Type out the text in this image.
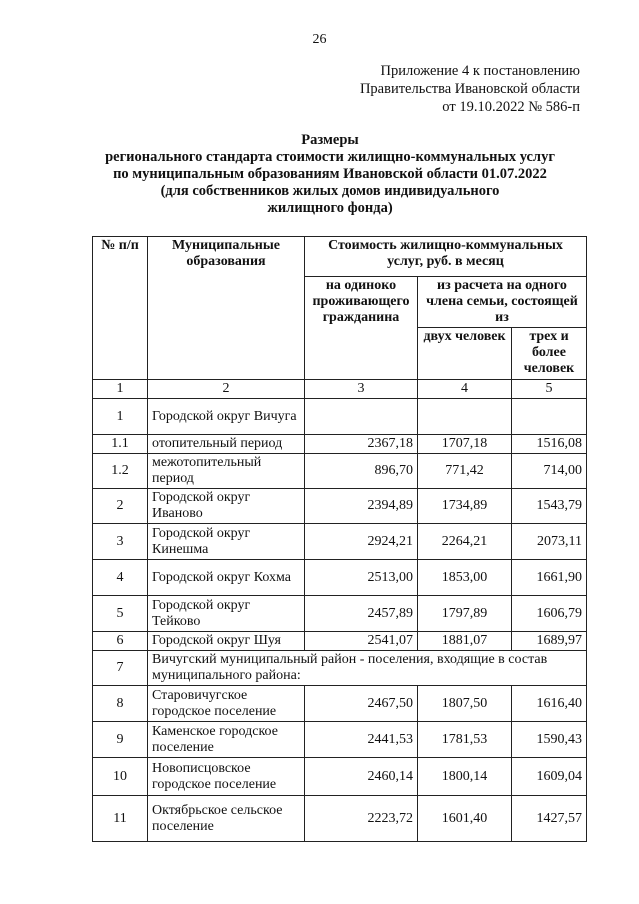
26
Приложение 4 к постановлению
Правительства Ивановской области
от 19.10.2022 № 586-п
Размеры
регионального стандарта стоимости жилищно-коммунальных услуг
по муниципальным образованиям Ивановской области 01.07.2022
(для собственников жилых домов индивидуального
жилищного фонда)
№ п/п	Муниципальные образования	Стоимость жилищно-коммунальных услуг, руб. в месяц		
		на одиноко проживающего гражданина	из расчета на одного члена семьи, состоящей из	
			двух человек	трех и более человек
1	2	3	4	5
1	Городской округ Вичуга			
1.1	отопительный период	2367,18	1707,18	1516,08
1.2	межотопительный период	896,70	771,42	714,00
2	Городской округ Иваново	2394,89	1734,89	1543,79
3	Городской округ Кинешма	2924,21	2264,21	2073,11
4	Городской округ Кохма	2513,00	1853,00	1661,90
5	Городской округ Тейково	2457,89	1797,89	1606,79
6	Городской округ Шуя	2541,07	1881,07	1689,97
7	Вичугский муниципальный район - поселения, входящие в состав муниципального района:			
8	Старовичугское городское поселение	2467,50	1807,50	1616,40
9	Каменское городское поселение	2441,53	1781,53	1590,43
10	Новописцовское городское поселение	2460,14	1800,14	1609,04
11	Октябрьское сельское поселение	2223,72	1601,40	1427,57
